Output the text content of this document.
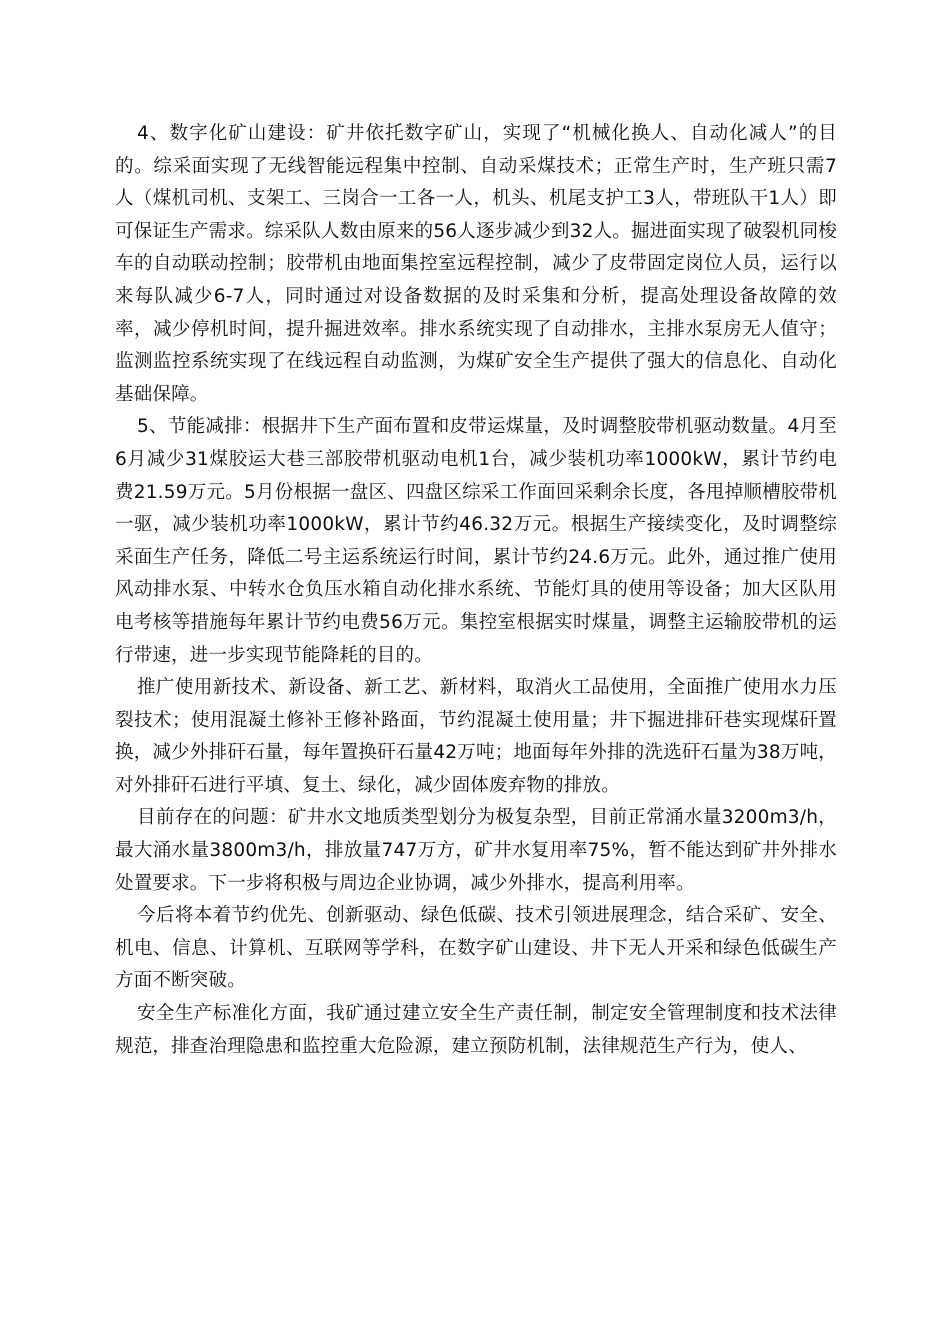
4、数字化矿山建设：矿井依托数字矿山，实现了“机械化换人、自动化减人”的目的。综采面实现了无线智能远程集中控制、自动采煤技术；正常生产时，生产班只需7人（煤机司机、支架工、三岗合一工各一人，机头、机尾支护工3人，带班队干1人）即可保证生产需求。综采队人数由原来的56人逐步减少到32人。掘进面实现了破裂机同梭车的自动联动控制；胶带机由地面集控室远程控制，减少了皮带固定岗位人员，运行以来每队减少6-7人，同时通过对设备数据的及时采集和分析，提高处理设备故障的效率，减少停机时间，提升掘进效率。排水系统实现了自动排水，主排水泵房无人值守；监测监控系统实现了在线远程自动监测，为煤矿安全生产提供了强大的信息化、自动化基础保障。

5、节能减排：根据井下生产面布置和皮带运煤量，及时调整胶带机驱动数量。4月至6月减少31煤胶运大巷三部胶带机驱动电机1台，减少装机功率1000kW，累计节约电费21.59万元。5月份根据一盘区、四盘区综采工作面回采剩余长度，各甩掉顺槽胶带机一驱，减少装机功率1000kW，累计节约46.32万元。根据生产接续变化，及时调整综采面生产任务，降低二号主运系统运行时间，累计节约24.6万元。此外，通过推广使用风动排水泵、中转水仓负压水箱自动化排水系统、节能灯具的使用等设备；加大区队用电考核等措施每年累计节约电费56万元。集控室根据实时煤量，调整主运输胶带机的运行带速，进一步实现节能降耗的目的。

推广使用新技术、新设备、新工艺、新材料，取消火工品使用，全面推广使用水力压裂技术；使用混凝土修补王修补路面，节约混凝土使用量；井下掘进排矸巷实现煤矸置换，减少外排矸石量，每年置换矸石量42万吨；地面每年外排的洗选矸石量为38万吨，对外排矸石进行平填、复土、绿化，减少固体废弃物的排放。

目前存在的问题：矿井水文地质类型划分为极复杂型，目前正常涌水量3200m3/h，最大涌水量3800m3/h，排放量747万方，矿井水复用率75%，暂不能达到矿井外排水处置要求。下一步将积极与周边企业协调，减少外排水，提高利用率。

今后将本着节约优先、创新驱动、绿色低碳、技术引领进展理念，结合采矿、安全、机电、信息、计算机、互联网等学科，在数字矿山建设、井下无人开采和绿色低碳生产方面不断突破。

安全生产标准化方面，我矿通过建立安全生产责任制，制定安全管理制度和技术法律规范，排查治理隐患和监控重大危险源，建立预防机制，法律规范生产行为，使人、
